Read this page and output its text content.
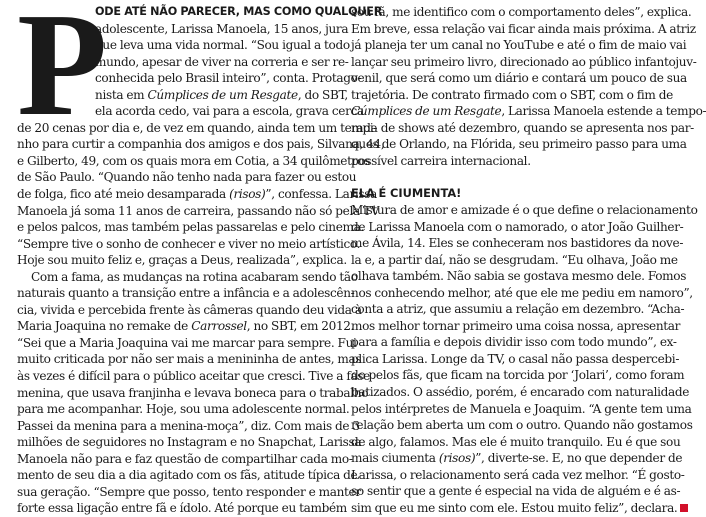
P
ODE ATÉ NÃO PARECER, MAS COMO QUALQUER
adolescente, Larissa Manoela, 15 anos, jura
que leva uma vida normal. “Sou igual a todo
mundo, apesar de viver na correria e ser re-
conhecida pelo Brasil inteiro”, conta. Protago-
nista em Cúmplices de um Resgate, do SBT,
ela acorda cedo, vai para a escola, grava cerca
de 20 cenas por dia e, de vez em quando, ainda tem um tempi-
nho para curtir a companhia dos amigos e dos pais, Silvana, 44,
e Gilberto, 49, com os quais mora em Cotia, a 34 quilômetros
de São Paulo. “Quando não tenho nada para fazer ou estou
de folga, fico até meio desamparada (risos)”, confessa. Larissa
Manoela já soma 11 anos de carreira, passando não só pela TV
e pelos palcos, mas também pelas passarelas e pelo cinema.
“Sempre tive o sonho de conhecer e viver no meio artístico.
Hoje sou muito feliz e, graças a Deus, realizada”, explica.
Com a fama, as mudanças na rotina acabaram sendo tão
naturais quanto a transição entre a infância e a adolescên-
cia, vivida e percebida frente às câmeras quando deu vida à
Maria Joaquina no remake de Carrossel, no SBT, em 2012.
“Sei que a Maria Joaquina vai me marcar para sempre. Fui
muito criticada por não ser mais a menininha de antes, mas
às vezes é difícil para o público aceitar que cresci. Tive a fase
menina, que usava franjinha e levava boneca para o trabalho
para me acompanhar. Hoje, sou uma adolescente normal.
Passei da menina para a menina-moça”, diz. Com mais de 3
milhões de seguidores no Instagram e no Snapchat, Larissa
Manoela não para e faz questão de compartilhar cada mo-
mento de seu dia a dia agitado com os fãs, atitude típica de
sua geração. “Sempre que posso, tento responder e manter
forte essa ligação entre fã e ídolo. Até porque eu também
sou fã, me identifico com o comportamento deles”, explica.
Em breve, essa relação vai ficar ainda mais próxima. A atriz
já planeja ter um canal no YouTube e até o fim de maio vai
lançar seu primeiro livro, direcionado ao público infantojuv-
venil, que será como um diário e contará um pouco de sua
trajetória. De contrato firmado com o SBT, com o fim de
Cúmplices de um Resgate, Larissa Manoela estende a tempo-
rada de shows até dezembro, quando se apresenta nos par-
ques de Orlando, na Flórida, seu primeiro passo para uma
possível carreira internacional.
ELA É CIUMENTA!
Mistura de amor e amizade é o que define o relacionamento
de Larissa Manoela com o namorado, o ator João Guilher-
me Ávila, 14. Eles se conheceram nos bastidores da nove-
la e, a partir daí, não se desgrudam. “Eu olhava, João me
olhava também. Não sabia se gostava mesmo dele. Fomos
nos conhecendo melhor, até que ele me pediu em namoro”,
conta a atriz, que assumiu a relação em dezembro. “Acha-
mos melhor tornar primeiro uma coisa nossa, apresentar
para a família e depois dividir isso com todo mundo”, ex-
plica Larissa. Longe da TV, o casal não passa despercebi-
do pelos fãs, que ficam na torcida por ‘Jolari’, como foram
batizados. O assédio, porém, é encarado com naturalidade
pelos intérpretes de Manuela e Joaquim. “A gente tem uma
relação bem aberta um com o outro. Quando não gostamos
de algo, falamos. Mas ele é muito tranquilo. Eu é que sou
mais ciumenta (risos)”, diverte-se. E, no que depender de
Larissa, o relacionamento será cada vez melhor. “É gosto-
so sentir que a gente é especial na vida de alguém e é as-
sim que eu me sinto com ele. Estou muito feliz”, declara.
